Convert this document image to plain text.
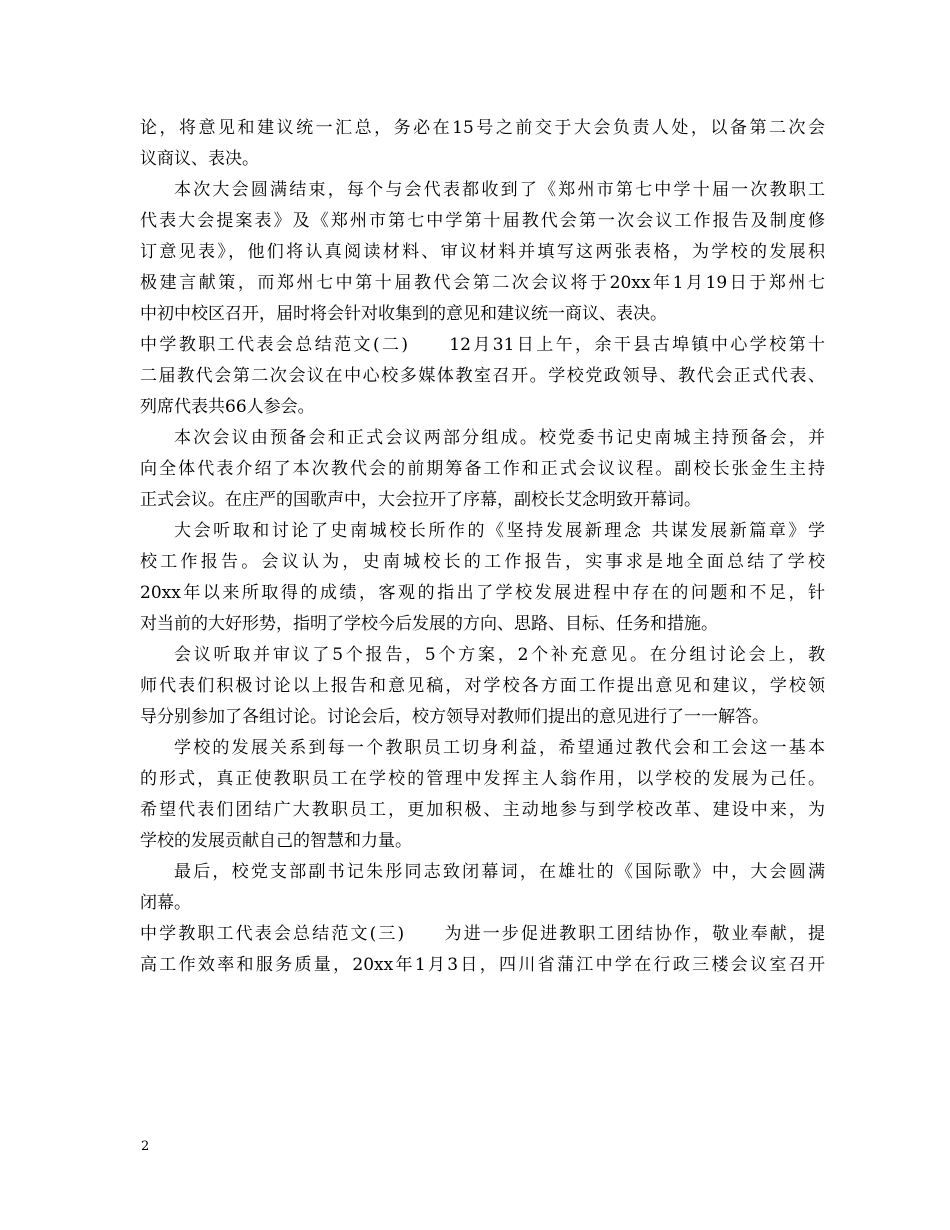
论，将意见和建议统一汇总，务必在15号之前交于大会负责人处，以备第二次会
议商议、表决。
本次大会圆满结束，每个与会代表都收到了《郑州市第七中学十届一次教职工
代表大会提案表》及《郑州市第七中学第十届教代会第一次会议工作报告及制度修
订意见表》，他们将认真阅读材料、审议材料并填写这两张表格，为学校的发展积
极建言献策，而郑州七中第十届教代会第二次会议将于20xx年1月19日于郑州七
中初中校区召开，届时将会针对收集到的意见和建议统一商议、表决。
中学教职工代表会总结范文(二)　　12月31日上午，余干县古埠镇中心学校第十
二届教代会第二次会议在中心校多媒体教室召开。学校党政领导、教代会正式代表、
列席代表共66人参会。
本次会议由预备会和正式会议两部分组成。校党委书记史南城主持预备会，并
向全体代表介绍了本次教代会的前期筹备工作和正式会议议程。副校长张金生主持
正式会议。在庄严的国歌声中，大会拉开了序幕，副校长艾念明致开幕词。
大会听取和讨论了史南城校长所作的《坚持发展新理念 共谋发展新篇章》学
校工作报告。会议认为，史南城校长的工作报告，实事求是地全面总结了学校
20xx年以来所取得的成绩，客观的指出了学校发展进程中存在的问题和不足，针
对当前的大好形势，指明了学校今后发展的方向、思路、目标、任务和措施。
会议听取并审议了5个报告，5个方案，2个补充意见。在分组讨论会上，教
师代表们积极讨论以上报告和意见稿，对学校各方面工作提出意见和建议，学校领
导分别参加了各组讨论。讨论会后，校方领导对教师们提出的意见进行了一一解答。
学校的发展关系到每一个教职员工切身利益，希望通过教代会和工会这一基本
的形式，真正使教职员工在学校的管理中发挥主人翁作用，以学校的发展为己任。
希望代表们团结广大教职员工，更加积极、主动地参与到学校改革、建设中来，为
学校的发展贡献自己的智慧和力量。
最后，校党支部副书记朱彤同志致闭幕词，在雄壮的《国际歌》中，大会圆满
闭幕。
中学教职工代表会总结范文(三)　　为进一步促进教职工团结协作，敬业奉献，提
高工作效率和服务质量，20xx年1月3日，四川省蒲江中学在行政三楼会议室召开
2
